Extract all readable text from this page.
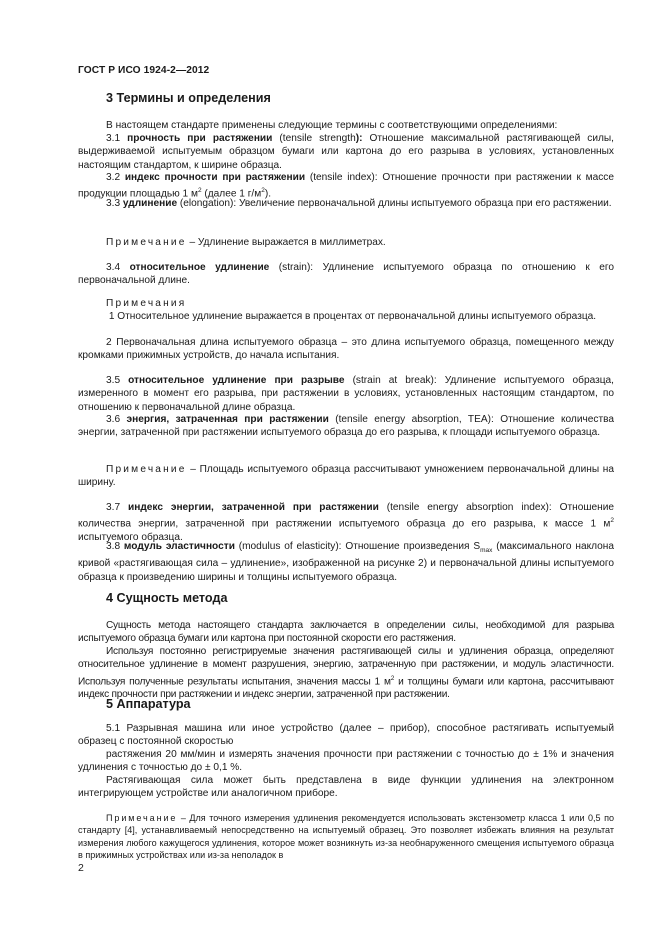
ГОСТ Р ИСО 1924-2—2012
3 Термины и определения
В настоящем стандарте применены следующие термины с соответствующими определениями:
3.1 прочность при растяжении (tensile strength): Отношение максимальной растягивающей силы, выдерживаемой испытуемым образцом бумаги или картона до его разрыва в условиях, установленных настоящим стандартом, к ширине образца.
3.2 индекс прочности при растяжении (tensile index): Отношение прочности при растяжении к массе продукции площадью 1 $м^2$ (далее 1 $г/м^2$).
3.3 удлинение (elongation): Увеличение первоначальной длины испытуемого образца при его растяжении.
Примечание – Удлинение выражается в миллиметрах.
3.4 относительное удлинение (strain): Удлинение испытуемого образца по отношению к его первоначальной длине.
Примечания
1 Относительное удлинение выражается в процентах от первоначальной длины испытуемого образца.
2 Первоначальная длина испытуемого образца – это длина испытуемого образца, помещенного между кромками прижимных устройств, до начала испытания.
3.5 относительное удлинение при разрыве (strain at break): Удлинение испытуемого образца, измеренного в момент его разрыва, при растяжении в условиях, установленных настоящим стандартом, по отношению к первоначальной длине образца.
3.6 энергия, затраченная при растяжении (tensile energy absorption, TEA): Отношение количества энергии, затраченной при растяжении испытуемого образца до его разрыва, к площади испытуемого образца.
Примечание – Площадь испытуемого образца рассчитывают умножением первоначальной длины на ширину.
3.7 индекс энергии, затраченной при растяжении (tensile energy absorption index): Отношение количества энергии, затраченной при растяжении испытуемого образца до его разрыва, к массе 1 $м^2$ испытуемого образца.
3.8 модуль эластичности (modulus of elasticity): Отношение произведения $S_{max}$ (максимального наклона кривой «растягивающая сила – удлинение», изображенной на рисунке 2) и первоначальной длины испытуемого образца к произведению ширины и толщины испытуемого образца.
4 Сущность метода
Сущность метода настоящего стандарта заключается в определении силы, необходимой для разрыва испытуемого образца бумаги или картона при постоянной скорости его растяжения.
Используя постоянно регистрируемые значения растягивающей силы и удлинения образца, определяют относительное удлинение в момент разрушения, энергию, затраченную при растяжении, и модуль эластичности. Используя полученные результаты испытания, значения массы 1 $м^2$ и толщины бумаги или картона, рассчитывают индекс прочности при растяжении и индекс энергии, затраченной при растяжении.
5 Аппаратура
5.1 Разрывная машина или иное устройство (далее – прибор), способное растягивать испытуемый образец с постоянной скоростью
растяжения 20 мм/мин и измерять значения прочности при растяжении с точностью до ± 1% и значения удлинения с точностью до ± 0,1 %.
Растягивающая сила может быть представлена в виде функции удлинения на электронном интегрирующем устройстве или аналогичном приборе.
Примечание – Для точного измерения удлинения рекомендуется использовать экстензометр класса 1 или 0,5 по стандарту [4], устанавливаемый непосредственно на испытуемый образец. Это позволяет избежать влияния на результат измерения любого кажущегося удлинения, которое может возникнуть из-за необнаруженного смещения испытуемого образца в прижимных устройствах или из-за неполадок в
2
